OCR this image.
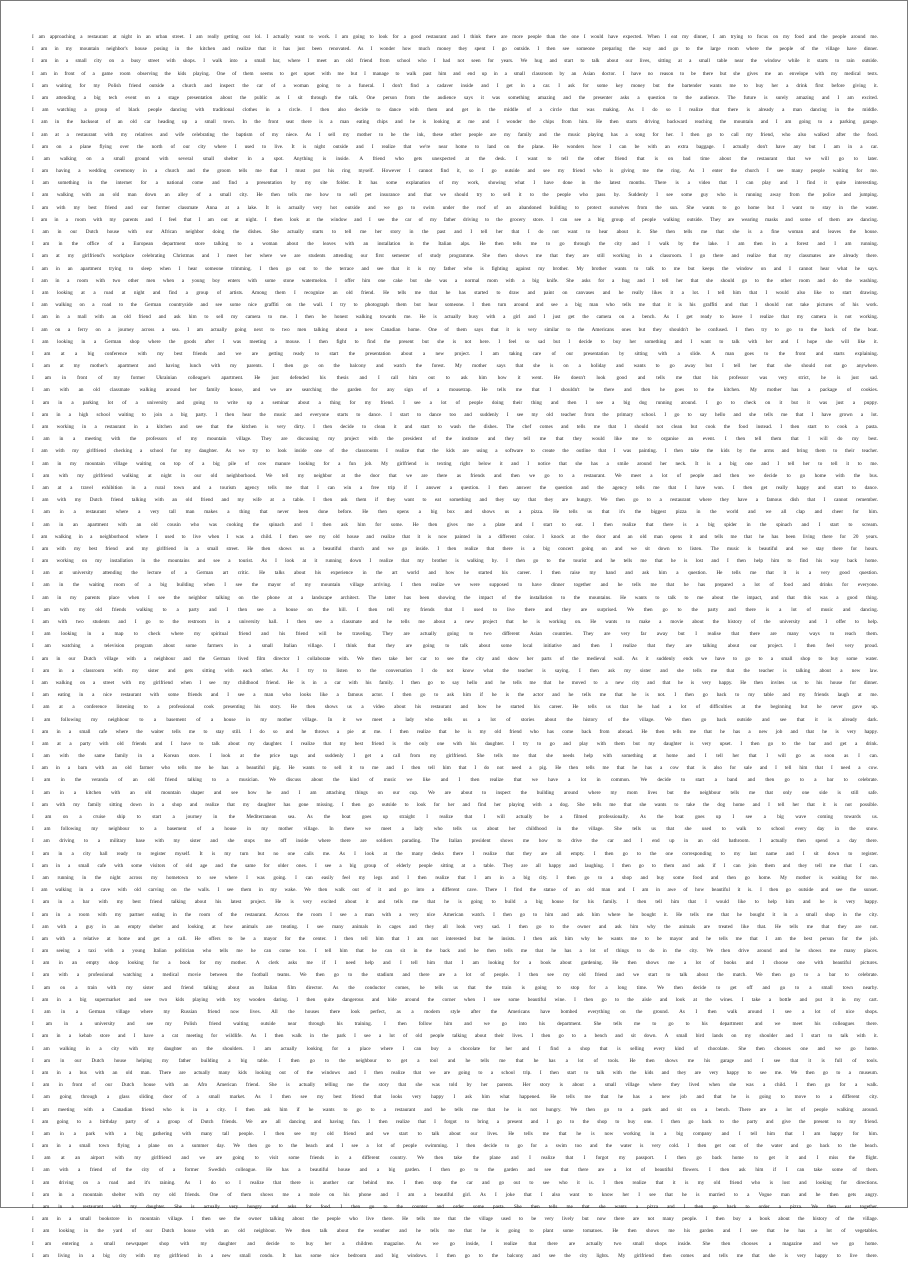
I am approaching a restaurant at night in an urban street. I am really getting out lol. I actually want to work. I am going to look for a good restaurant and I think there are more people than the one I would have expected. When I eat my dinner, I am trying to focus on my food and the people around me.
I am in my mountain neighbor's house posing in the kitchen and realize that it has just been renovated. As I wonder how much money they spent I go outside. I then see someone preparing the way and go to the large room where the people of the village have dinner.
I am in a small city on a busy street with shops. I walk into a small bar, where I meet an old friend from school who I had not seen for years. We hug and start to talk about our lives, sitting at a small table near the window while it starts to rain outside.
I am in front of a game room observing the kids playing. One of them seems to get upset with me but I manage to walk past him and end up in a small classroom by an Asian doctor. I have no reason to be there but she gives me an envelope with my medical tests.
I am waiting for my Polish friend outside a church and inspect the car of a woman going to a funeral. I don't find a cadaver inside and I get in a car. I ask for some key money but the bartender wants me to buy her a drink first before giving it.
I am attending a big tech event on a stage presentation about the public as I sit through the talk. One person from the audience says it was something amazing and the presenter asks a question to the audience. The future is surely amazing and I am excited.
I am watching a group of black people dancing with traditional clothes in a circle. I then also decide to dance with them and get in the middle of a circle that was making. As I do so I realize that there is already a man dancing in the middle.
I am in the backseat of an old car heading up a small town. In the front seat there is a man eating chips and he is looking at me and I wonder the chips from him. He then starts driving backward reaching the mountain and I am going to a parking garage.
I am at a restaurant with my relatives and wife celebrating the baptism of my niece. As I sell my mother to be the ink, these other people are my family and the music playing has a song for her. I then go to call my friend, who also walked after the food.
I am on a plane flying over the north of our city where I used to live. It is night outside and I realize that we're near home to land on the plane. He wonders how I can be with an extra baggage. I actually don't have any but I am in a car.
I am walking on a small ground with several small shelter in a spot. Anything is inside. A friend who gets unexpected at the desk. I want to tell the other friend that is on bad time about the restaurant that we will go to later.
I am having a wedding ceremony in a church and the groom tells me that I must put his ring myself. However I cannot find it, so I go outside and see my friend who is giving me the ring. As I enter the church I see many people waiting for me.
I am something in the internet for a national come and find a presentation by my site folder. It has some explanation of my work, showing what I have done in the latest months. There is a video that I can play and I find it quite interesting.
I am walking with an old man down an alley of a small city. He then tells me how to sell pet insurance and that we should try to sell it to the people who pass by. Suddenly I see some guy who is running away from the police and jumping.
I am with my best friend and our former classmate Anna at a lake. It is actually very hot outside and we go to swim under the roof of an abandoned building to protect ourselves from the sun. She wants to go home but I want to stay in the water.
I am in a room with my parents and I feel that I am out at night. I then look at the window and I see the car of my father driving to the grocery store. I can see a big group of people walking outside. They are wearing masks and some of them are dancing.
I am in our Dutch house with our African neighbor doing the dishes. She actually starts to tell me her story in the past and I tell her that I do not want to hear about it. She then tells me that she is a fine woman and leaves the house.
I am in the office of a European department store talking to a woman about the leaves with an installation in the Italian alps. He then tells me to go through the city and I walk by the lake. I am then in a forest and I am running.
I am at my girlfriend's workplace celebrating Christmas and I meet her where we are students attending our first semester of study programme. She then shows me that they are still working in a classroom. I go there and realize that my classmates are already there.
I am in an apartment trying to sleep when I hear someone trimming. I then go out to the terrace and see that it is my father who is fighting against my brother. My brother wants to talk to me but keeps the window on and I cannot hear what he says.
I am in a room with two other men when a young boy enters with some stone watermelon. I offer him one cake but she was a normal mom with a big knife. She asks for a hug and I tell her that she should go to the other room and do the washing.
I am looking at a road at night and find a group of artists. Among them I recognize an old friend. He tells me that he has started to draw and paint on canvases and he really likes it a lot. I tell him that I would also like to start drawing.
I am walking on a road to the German countryside and see some nice graffiti on the wall. I try to photograph them but hear someone. I then turn around and see a big man who tells me that it is his graffiti and that I should not take pictures of his work.
I am in a mall with an old friend and ask him to sell my camera to me. I then be honest walking towards me. He is actually busy with a girl and I just get the camera on a bench. As I get ready to leave I realize that my camera is not working.
I am on a ferry on a journey across a sea. I am actually going next to two men talking about a new Canadian home. One of them says that it is very similar to the Americans ones but they shouldn't be confused. I then try to go to the back of the boat.
I am looking in a German shop where the goods after I was meeting a mouse. I then fight to find the present but she is not here. I feel so sad but I decide to buy her something and I want to talk with her and I hope she will like it.
I am at a big conference with my best friends and we are getting ready to start the presentation about a new project. I am taking care of our presentation by sitting with a slide. A man goes to the front and starts explaining.
I am at my mother's apartment and having lunch with my parents. I then go on the balcony and watch the forest. My mother says that she is on a holiday and wants to go away but I tell her that she should not go anywhere.
I am in front of my former Ukrainian colleague's apartment. He just defended his thesis and I call him out to ask him how it went. He doesn't look good and tells me that his professor was very strict, he is just sad.
I am with an old classmate walking around her family house, and we are searching the garden for any sign of a mousetrap. He tells me that I shouldn't be there and then he goes to the kitchen. My mother has a package of cookies.
I am in a parking lot of a university and going to write up a seminar about a thing for my friend. I see a lot of people doing their thing and then I see a big dog running around. I go to check on it but it was just a puppy.
I am in a high school waiting to join a big party. I then hear the music and everyone starts to dance. I start to dance too and suddenly I see my old teacher from the primary school. I go to say hello and she tells me that I have grown a lot.
I am working in a restaurant in a kitchen and see that the kitchen is very dirty. I then decide to clean it and start to wash the dishes. The chef comes and tells me that I should not clean but cook the food instead. I then start to cook a pasta.
I am in a meeting with the professors of my mountain village. They are discussing my project with the president of the institute and they tell me that they would like me to organise an event. I then tell them that I will do my best.
I am with my girlfriend checking a school for my daughter. As we try to look inside one of the classrooms I realize that the kids are using a software to create the outline that I was painting. I then take the kids by the arms and bring them to their teacher.
I am in my mountain village waiting on top of a big pile of cow manure looking for a fun job. My girlfriend is texting right below it and I notice that she has a smile around her neck. It is a big one and I tell her to tell it to me.
I am with my girlfriend walking at night in our old neighborhood. We tell my neighbor at the door that we are there as friends and then we go to a restaurant. We meet a lot of people and then we decide to go home with the bus.
I am at a travel exhibition in a rural town and a tourism agency tells me that I can win a free trip if I answer a question. I then answer the question and the agency tells me that I have won. I then get really happy and start to dance.
I am with my Dutch friend talking with an old friend and my wife at a table. I then ask them if they want to eat something and they say that they are hungry. We then go to a restaurant where they have a famous dish that I cannot remember.
I am in a restaurant where a very tall man makes a thing that never been done before. He then opens a big box and shows us a pizza. He tells us that it's the biggest pizza in the world and we all clap and cheer for him.
I am in an apartment with an old cousin who was cooking the spinach and I then ask him for some. He then gives me a plate and I start to eat. I then realize that there is a big spider in the spinach and I start to scream.
I am walking in a neighborhood where I used to live when I was a child. I then see my old house and realize that it is now painted in a different color. I knock at the door and an old man opens it and tells me that he has been living there for 20 years.
I am with my best friend and my girlfriend in a small street. He then shows us a beautiful church and we go inside. I then realize that there is a big concert going on and we sit down to listen. The music is beautiful and we stay there for hours.
I am working on my installation in the mountains and see a tourist. As I look at it running down I realize that my brother is walking by. I then go to the tourist and he tells me that he is lost and I then help him to find his way back home.
I am at university attending the lecture of a German art critic. He talks about his experience in the art world and how he started his career. I then raise my hand and ask him a question. He tells me that it is a very good question.
I am in the waiting room of a big building when I see the mayor of my mountain village arriving. I then realize we were supposed to have dinner together and he tells me that he has prepared a lot of food and drinks for everyone.
I am in my parents place when I see the neighbor talking on the phone at a landscape architect. The latter has been showing the impact of the installation to the mountains. He wants to talk to me about the impact, and that this was a good thing.
I am with my old friends walking to a party and I then see a house on the hill. I then tell my friends that I used to live there and they are surprised. We then go to the party and there is a lot of music and dancing.
I am with two students and I go to the restroom in a university hall. I then see a classmate and he tells me about a new project that he is working on. He wants to make a movie about the history of the university and I offer to help.
I am looking in a map to check where my spiritual friend and his friend will be traveling. They are actually going to two different Asian countries. They are very far away but I realise that there are many ways to reach them.
I am watching a television program about some farmers in a small Italian village. I think that they are going to talk about some local initiative and then I realize that they are talking about our project. I then feel very proud.
I am in our Dutch village with a neighbour and the German lived film director I collaborate with. We then take her car to see the city and show her parts of the medieval wall. As it suddenly ends we have to go to a small shop to buy some water.
I am in a classroom with my sister and gets sitting with each other. As I try to listen to the conversation I do not know what the teacher is saying. I then ask my sister and she tells me that the teacher is talking about a new law.
I am walking on a street with my girlfriend when I see my childhood friend. He is in a car with his family. I then go to say hello and he tells me that he moved to a new city and that he is very happy. He then invites us to his house for dinner.
I am eating in a nice restaurant with some friends and I see a man who looks like a famous actor. I then go to ask him if he is the actor and he tells me that he is not. I then go back to my table and my friends laugh at me.
I am at a conference listening to a professional cook presenting his story. He then shows us a video about his restaurant and how he started his career. He tells us that he had a lot of difficulties at the beginning but he never gave up.
I am following my neighbour to a basement of a house in my mother village. In it we meet a lady who tells us a lot of stories about the history of the village. We then go back outside and see that it is already dark.
I am in a small cafe where the waiter tells me to stay still. I do so and he throws a pie at me. I then realize that he is my old friend who has come back from abroad. He then tells me that he has a new job and that he is very happy.
I am at a party with old friends and I have to talk about my daughter. I realize that my best friend is the only one with his daughter. I try to go and play with them but my daughter is very upset. I then go to the bar and get a drink.
I am with the same family in a Korean store. I look at the price tags and suddenly I get a call from my girlfriend. She tells me that she needs help with something at home and I tell her that I will go as soon as I can.
I am in a barn with an old farmer who tells me he has a beautiful pig. He wants to sell it to me and I then tell him that I do not need a pig. He then tells me that he has a cow that is also for sale and I tell him that I need a cow.
I am in the veranda of an old friend talking to a musician. We discuss about the kind of music we like and I then realize that we have a lot in common. We decide to start a band and then go to a bar to celebrate.
I am in a kitchen with an old mountain shaper and see how he and I am attaching things on our cup. We are about to inspect the building around where my mom lives but the neighbour tells me that only one side is still safe.
I am with my family sitting down in a shop and realize that my daughter has gone missing. I then go outside to look for her and find her playing with a dog. She tells me that she wants to take the dog home and I tell her that it is not possible.
I am on a cruise ship to start a journey in the Mediterranean sea. As the boat goes up straight I realize that I will actually be a filmed professionally. As the boat goes up I see a big wave coming towards us.
I am following my neighbour to a basement of a house in my mother village. In there we meet a lady who tells us about her childhood in the village. She tells us that she used to walk to school every day in the snow.
I am driving to a military base with my sister and she stops me off inside where there are soldiers parading. The Italian president shows me how to drive the car and I end up in an old bathroom. I actually then spend a day there.
I am in a city hall ready to register myself. It is my turn but no one calls me. As I look at the many desks there I realize that they are all empty. I then go to the one corresponding to my last name and I sit down to register.
I am in a small cafe with some visitors of old age and the same for older ones. I see a big group of elderly people sitting at a table. They are all happy and laughing. I then go to them and ask if I can join them and they tell me that I can.
I am running in the night across my hometown to see where I was going. I can easily feel my legs and I then realize that I am in a big city. I then go to a shop and buy some food and then go home. My mother is waiting for me.
I am walking in a cave with old carving on the walls. I see them in my wake. We then walk out of it and go into a different cave. There I find the statue of an old man and I am in awe of how beautiful it is. I then go outside and see the sunset.
I am in a bar with my best friend talking about his latest project. He is very excited about it and tells me that he is going to build a big house for his family. I then tell him that I would like to help him and he is very happy.
I am in a room with my partner eating in the room of the restaurant. Across the room I see a man with a very nice American watch. I then go to him and ask him where he bought it. He tells me that he bought it in a small shop in the city.
I am with a guy in an empty shelter and looking at how animals are treating. I see many animals in cages and they all look very sad. I then go to the owner and ask him why the animals are treated like that. He tells me that they are not.
I am with a relative at home and get a call. He offers to be a mayor for the center. I then tell him that I am not interested but he insists. I then ask him why he wants me to be mayor and he tells me that I am the best person for the job.
I am seeing a taxi with a young Italian politician who tells me he can come too. I tell him that he can sit in the back and he then tells me that he has a lot of things to do in the city. We then drive around and he shows me many places.
I am in an empty shop looking for a book for my mother. A clerk asks me if I need help and I tell him that I am looking for a book about gardening. He then shows me a lot of books and I choose one with beautiful pictures.
I am with a professional watching a medical movie between the football teams. We then go to the stadium and there are a lot of people. I then see my old friend and we start to talk about the match. We then go to a bar to celebrate.
I am on a train with my sister and friend talking about an Italian film director. As the conductor comes, he tells us that the train is going to stop for a long time. We then decide to get off and go to a small town nearby.
I am in a big supermarket and see two kids playing with toy wooden daring. I then quite dangerous and hide around the corner when I see some beautiful wine. I then go to the aisle and look at the wines. I take a bottle and put it in my cart.
I am in a German village where my Russian friend now lives. All the houses there look perfect, as a modern style after the Americans have bombed everything on the ground. As I then walk around I see a lot of nice shops.
I am in a university and see my Polish friend waiting outside near through his training. I then follow him and we go into his department. She tells me to go to his department and we meet his colleagues there.
I am in a kebab store and I have a cat meeting for wildlife. As I then walk in the park I see a lot of old people talking about their lives. I then go to a bench and sit down. A small bird lands on my shoulder and I start to talk with it.
I am walking in a city with my daughter on the shoulders. I am actually looking for a place where I can buy a chocolate for her and I find a shop that is selling every kind of chocolate. She then chooses one and we go home.
I am in our Dutch house helping my father building a big table. I then go to the neighbour to get a tool and he tells me that he has a lot of tools. He then shows me his garage and I see that it is full of tools.
I am in a bus with an old man. There are actually many kids looking out of the windows and I then realize that we are going to a school trip. I then start to talk with the kids and they are very happy to see me. We then go to a museum.
I am in front of our Dutch house with an Afro American friend. She is actually telling me the story that she was told by her parents. Her story is about a small village where they lived when she was a child. I then go for a walk.
I am going through a glass sliding door of a small market. As I then see my best friend that looks very happy I ask him what happened. He tells me that he has a new job and that he is going to move to a different city.
I am meeting with a Canadian friend who is in a city. I then ask him if he wants to go to a restaurant and he tells me that he is not hungry. We then go to a park and sit on a bench. There are a lot of people walking around.
I am going to a birthday party of a group of Dutch friends. We are all dancing and having fun. I then realize that I forgot to bring a present and I go to the shop to buy one. I then go back to the party and give the present to my friend.
I am in a park with a big gathering with many tall people. I then see my old friend and we start to talk about our lives. He tells me that he is now working in a big company and I tell him that I am happy for him.
I am in a small town flying a plane on a summer day. We then go to the beach and I see a lot of people swimming. I then decide to go for a swim too and the water is very cold. I then get out of the water and go back to the beach.
I am at an airport with my girlfriend and we are going to visit some friends in a different country. We then take the plane and I realize that I forgot my passport. I then go back home to get it and I miss the flight.
I am with a friend of the city of a former Swedish colleague. He has a beautiful house and a big garden. I then go to the garden and see that there are a lot of beautiful flowers. I then ask him if I can take some of them.
I am driving on a road and it's raining. As I do so I realize that there is another car behind me. I then stop the car and go out to see who it is. I then realize that it is my old friend who is lost and looking for directions.
I am in a mountain shelter with my old friends. One of them shows me a mole on his phone and I am a beautiful girl. As I joke that I also want to know her I see that he is married to a Vogue man and he then gets angry.
I am in a restaurant with my daughter. She is actually very hungry and asks for food. I then go to the counter and order some pasta. She then tells me that she wants a pizza and I then go back to order a pizza. We then eat together.
I am in a small bookstore in mountain village. I then see the owner talking about the people who live there. He tells me that the village used to be very lively but now there are not many people. I then buy a book about the history of the village.
I am looking in the yard of our Dutch house with an old neighbour. We then talk about the weather and he tells me that he is going to plant some tomatoes. He then shows me his garden and I see that he has a lot of vegetables.
I am entering a small newspaper shop with my daughter and decide to buy her a children magazine. As we go inside, I realize that there are actually two small shops inside. She then chooses a magazine and we go home.
I am living in a big city with my girlfriend in a new small condo. It has some nice bedroom and big windows. I then go to the balcony and see the city lights. My girlfriend then comes and tells me that she is very happy to live there.
